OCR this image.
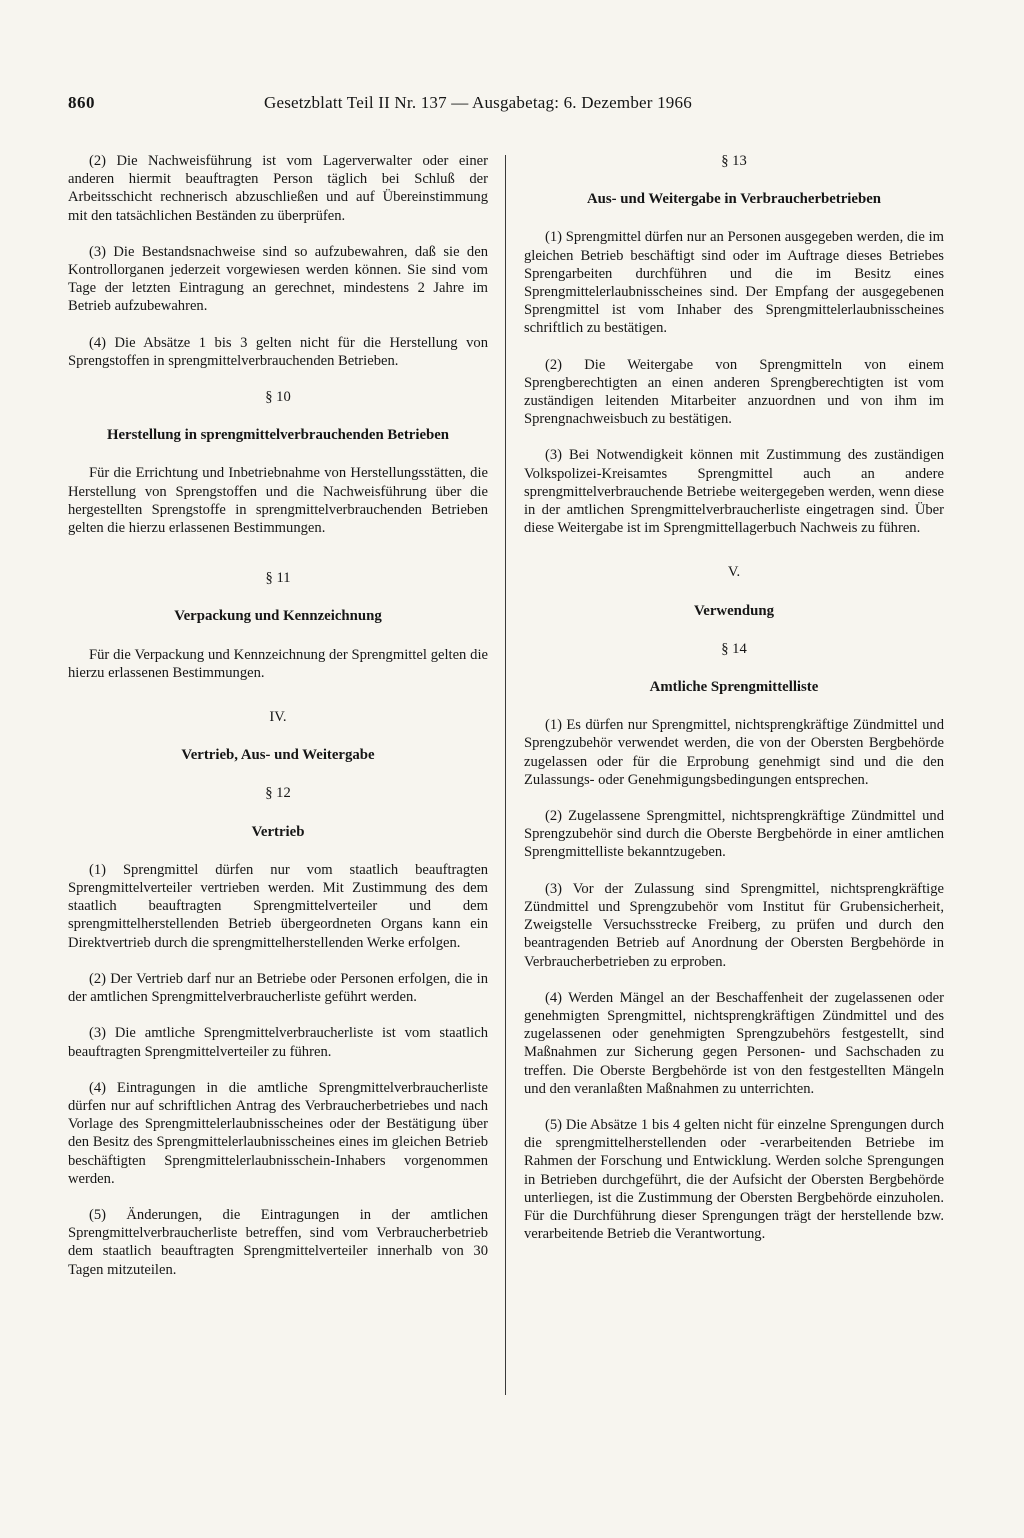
860	Gesetzblatt Teil II Nr. 137 — Ausgabetag: 6. Dezember 1966

(2) Die Nachweisführung ist vom Lagerverwalter oder einer anderen hiermit beauftragten Person täglich bei Schluß der Arbeitsschicht rechnerisch abzuschließen und auf Übereinstimmung mit den tatsächlichen Beständen zu überprüfen.

(3) Die Bestandsnachweise sind so aufzubewahren, daß sie den Kontrollorganen jederzeit vorgewiesen werden können. Sie sind vom Tage der letzten Eintragung an gerechnet, mindestens 2 Jahre im Betrieb aufzubewahren.

(4) Die Absätze 1 bis 3 gelten nicht für die Herstellung von Sprengstoffen in sprengmittelverbrauchenden Betrieben.

§ 10
Herstellung in sprengmittelverbrauchenden Betrieben

Für die Errichtung und Inbetriebnahme von Herstellungsstätten, die Herstellung von Sprengstoffen und die Nachweisführung über die hergestellten Sprengstoffe in sprengmittelverbrauchenden Betrieben gelten die hierzu erlassenen Bestimmungen.

§ 11
Verpackung und Kennzeichnung

Für die Verpackung und Kennzeichnung der Sprengmittel gelten die hierzu erlassenen Bestimmungen.

IV.
Vertrieb, Aus- und Weitergabe
§ 12
Vertrieb

(1) Sprengmittel dürfen nur vom staatlich beauftragten Sprengmittelverteiler vertrieben werden. Mit Zustimmung des dem staatlich beauftragten Sprengmittelverteiler und dem sprengmittelherstellenden Betrieb übergeordneten Organs kann ein Direktvertrieb durch die sprengmittelherstellenden Werke erfolgen.

(2) Der Vertrieb darf nur an Betriebe oder Personen erfolgen, die in der amtlichen Sprengmittelverbraucherliste geführt werden.

(3) Die amtliche Sprengmittelverbraucherliste ist vom staatlich beauftragten Sprengmittelverteiler zu führen.

(4) Eintragungen in die amtliche Sprengmittelverbraucherliste dürfen nur auf schriftlichen Antrag des Verbraucherbetriebes und nach Vorlage des Sprengmittelerlaubnisscheines oder der Bestätigung über den Besitz des Sprengmittelerlaubnisscheines eines im gleichen Betrieb beschäftigten Sprengmittelerlaubnisschein-Inhabers vorgenommen werden.

(5) Änderungen, die Eintragungen in der amtlichen Sprengmittelverbraucherliste betreffen, sind vom Verbraucherbetrieb dem staatlich beauftragten Sprengmittelverteiler innerhalb von 30 Tagen mitzuteilen.

§ 13
Aus- und Weitergabe in Verbraucherbetrieben

(1) Sprengmittel dürfen nur an Personen ausgegeben werden, die im gleichen Betrieb beschäftigt sind oder im Auftrage dieses Betriebes Sprengarbeiten durchführen und die im Besitz eines Sprengmittelerlaubnisscheines sind. Der Empfang der ausgegebenen Sprengmittel ist vom Inhaber des Sprengmittelerlaubnisscheines schriftlich zu bestätigen.

(2) Die Weitergabe von Sprengmitteln von einem Sprengberechtigten an einen anderen Sprengberechtigten ist vom zuständigen leitenden Mitarbeiter anzuordnen und von ihm im Sprengnachweisbuch zu bestätigen.

(3) Bei Notwendigkeit können mit Zustimmung des zuständigen Volkspolizei-Kreisamtes Sprengmittel auch an andere sprengmittelverbrauchende Betriebe weitergegeben werden, wenn diese in der amtlichen Sprengmittelverbraucherliste eingetragen sind. Über diese Weitergabe ist im Sprengmittellagerbuch Nachweis zu führen.

V.
Verwendung
§ 14
Amtliche Sprengmittelliste

(1) Es dürfen nur Sprengmittel, nichtsprengkräftige Zündmittel und Sprengzubehör verwendet werden, die von der Obersten Bergbehörde zugelassen oder für die Erprobung genehmigt sind und die den Zulassungs- oder Genehmigungsbedingungen entsprechen.

(2) Zugelassene Sprengmittel, nichtsprengkräftige Zündmittel und Sprengzubehör sind durch die Oberste Bergbehörde in einer amtlichen Sprengmittelliste bekanntzugeben.

(3) Vor der Zulassung sind Sprengmittel, nichtsprengkräftige Zündmittel und Sprengzubehör vom Institut für Grubensicherheit, Zweigstelle Versuchsstrecke Freiberg, zu prüfen und durch den beantragenden Betrieb auf Anordnung der Obersten Bergbehörde in Verbraucherbetrieben zu erproben.

(4) Werden Mängel an der Beschaffenheit der zugelassenen oder genehmigten Sprengmittel, nichtsprengkräftigen Zündmittel und des zugelassenen oder genehmigten Sprengzubehörs festgestellt, sind Maßnahmen zur Sicherung gegen Personen- und Sachschaden zu treffen. Die Oberste Bergbehörde ist von den festgestellten Mängeln und den veranlaßten Maßnahmen zu unterrichten.

(5) Die Absätze 1 bis 4 gelten nicht für einzelne Sprengungen durch die sprengmittelherstellenden oder -verarbeitenden Betriebe im Rahmen der Forschung und Entwicklung. Werden solche Sprengungen in Betrieben durchgeführt, die der Aufsicht der Obersten Bergbehörde unterliegen, ist die Zustimmung der Obersten Bergbehörde einzuholen. Für die Durchführung dieser Sprengungen trägt der herstellende bzw. verarbeitende Betrieb die Verantwortung.
